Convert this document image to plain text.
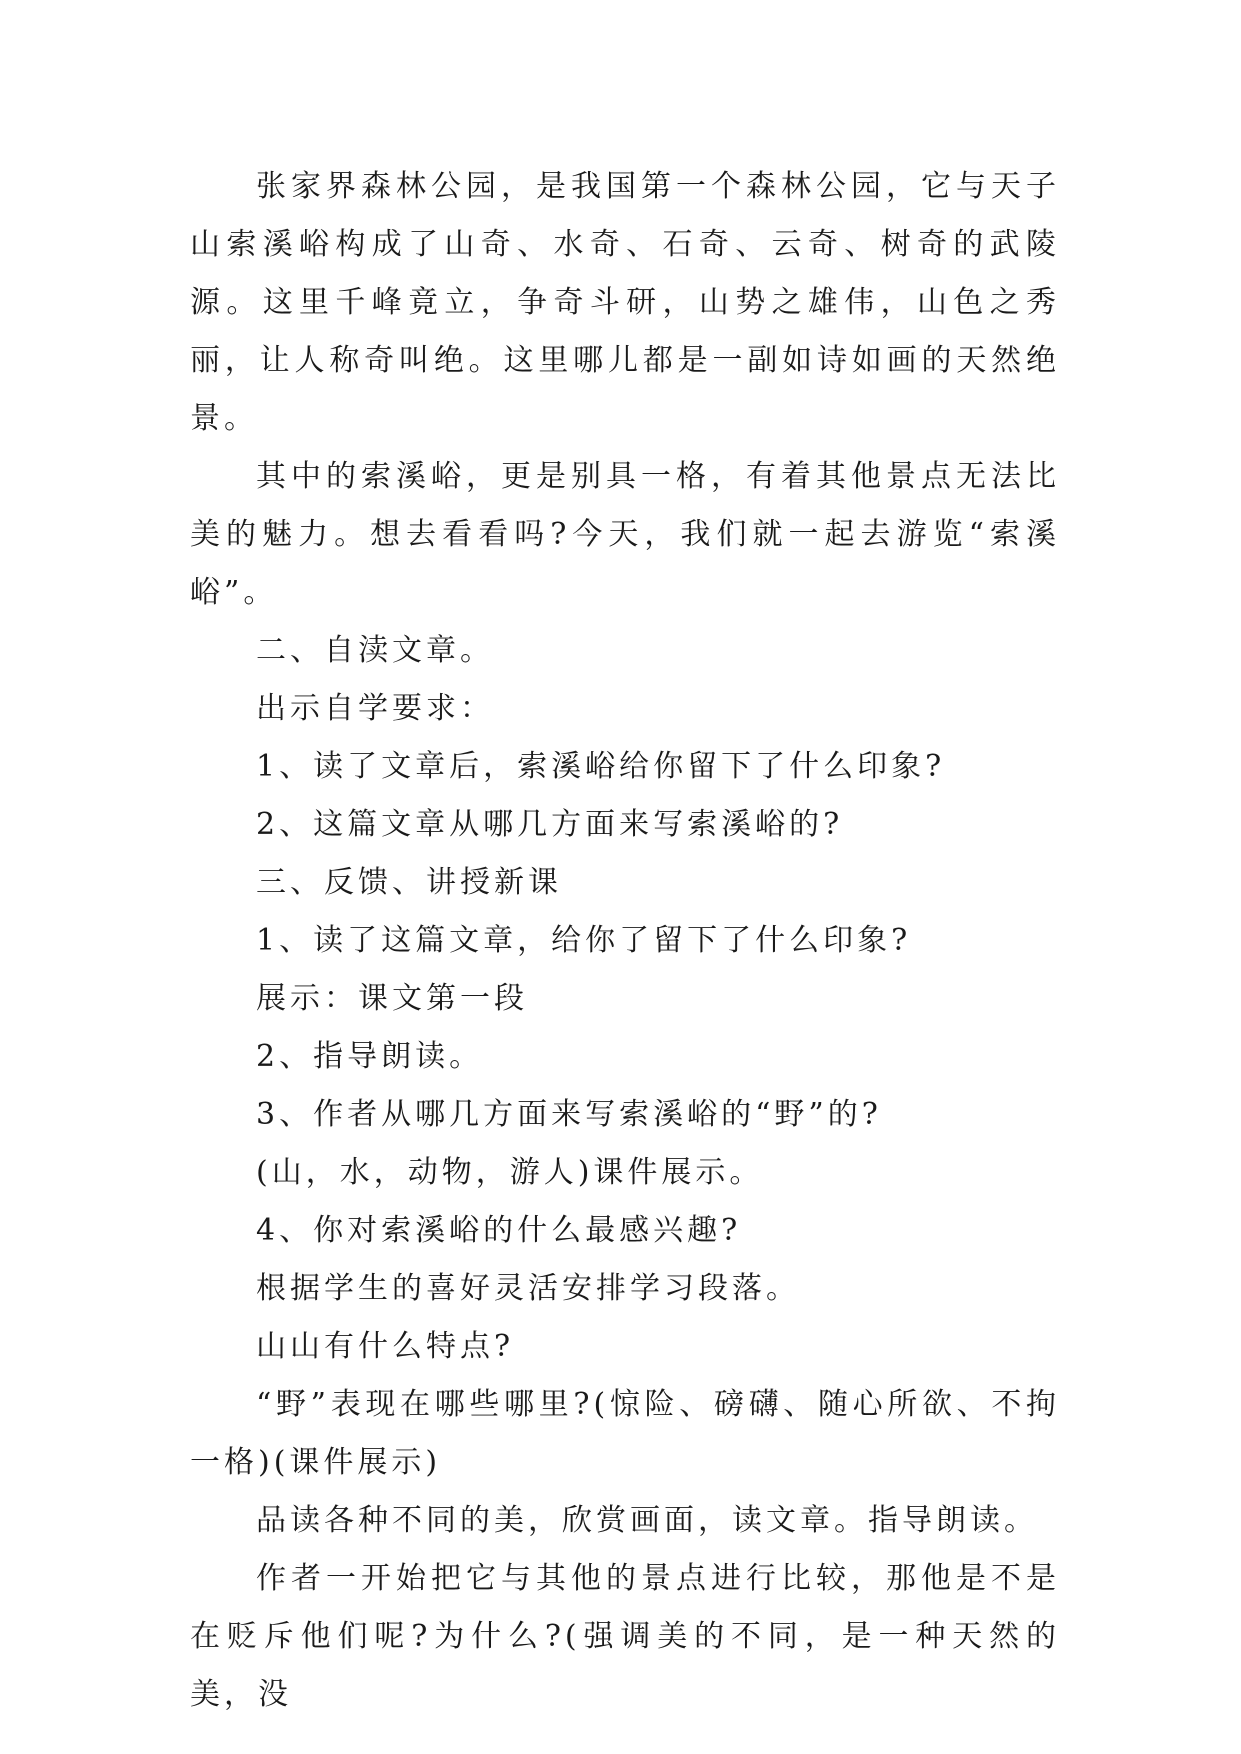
张家界森林公园，是我国第一个森林公园，它与天子山索溪峪构成了山奇、水奇、石奇、云奇、树奇的武陵源。这里千峰竟立，争奇斗研，山势之雄伟，山色之秀丽，让人称奇叫绝。这里哪儿都是一副如诗如画的天然绝景。

其中的索溪峪，更是别具一格，有着其他景点无法比美的魅力。想去看看吗?今天，我们就一起去游览“索溪峪”。

二、自渎文章。

出示自学要求：

1、读了文章后，索溪峪给你留下了什么印象?

2、这篇文章从哪几方面来写索溪峪的?

三、反馈、讲授新课

1、读了这篇文章，给你了留下了什么印象?

展示：课文第一段

2、指导朗读。

3、作者从哪几方面来写索溪峪的“野”的?

(山，水，动物，游人)课件展示。

4、你对索溪峪的什么最感兴趣?

根据学生的喜好灵活安排学习段落。

山山有什么特点?

“野”表现在哪些哪里?(惊险、磅礴、随心所欲、不拘一格)(课件展示)

品读各种不同的美，欣赏画面，读文章。指导朗读。

作者一开始把它与其他的景点进行比较，那他是不是在贬斥他们呢?为什么?(强调美的不同，是一种天然的美，没
